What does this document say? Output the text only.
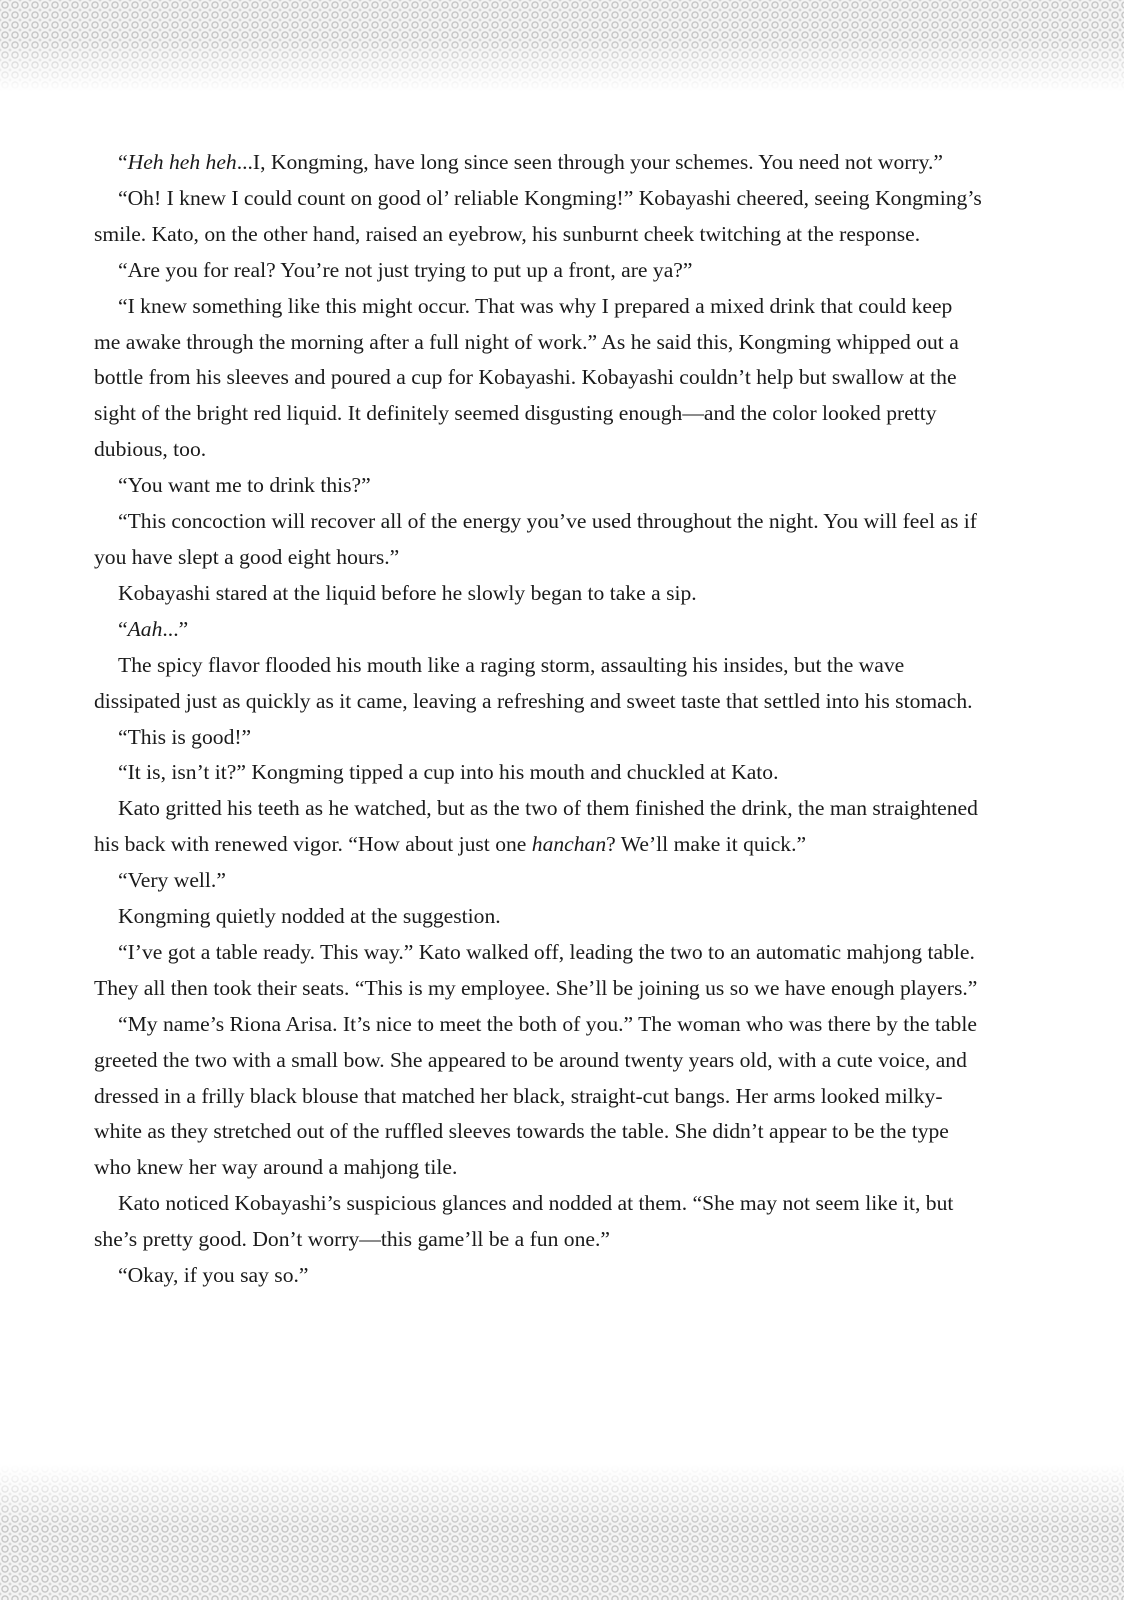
“Heh heh heh...I, Kongming, have long since seen through your schemes. You need not worry.”

“Oh! I knew I could count on good ol’ reliable Kongming!” Kobayashi cheered, seeing Kongming’s smile. Kato, on the other hand, raised an eyebrow, his sunburnt cheek twitching at the response.

“Are you for real? You’re not just trying to put up a front, are ya?”

“I knew something like this might occur. That was why I prepared a mixed drink that could keep me awake through the morning after a full night of work.” As he said this, Kongming whipped out a bottle from his sleeves and poured a cup for Kobayashi. Kobayashi couldn’t help but swallow at the sight of the bright red liquid. It definitely seemed disgusting enough—and the color looked pretty dubious, too.

“You want me to drink this?”

“This concoction will recover all of the energy you’ve used throughout the night. You will feel as if you have slept a good eight hours.”

Kobayashi stared at the liquid before he slowly began to take a sip.

“Aah...”

The spicy flavor flooded his mouth like a raging storm, assaulting his insides, but the wave dissipated just as quickly as it came, leaving a refreshing and sweet taste that settled into his stomach.

“This is good!”

“It is, isn’t it?” Kongming tipped a cup into his mouth and chuckled at Kato.

Kato gritted his teeth as he watched, but as the two of them finished the drink, the man straightened his back with renewed vigor. “How about just one hanchan? We’ll make it quick.”

“Very well.”

Kongming quietly nodded at the suggestion.

“I’ve got a table ready. This way.” Kato walked off, leading the two to an automatic mahjong table. They all then took their seats. “This is my employee. She’ll be joining us so we have enough players.”

“My name’s Riona Arisa. It’s nice to meet the both of you.” The woman who was there by the table greeted the two with a small bow. She appeared to be around twenty years old, with a cute voice, and dressed in a frilly black blouse that matched her black, straight-cut bangs. Her arms looked milky-white as they stretched out of the ruffled sleeves towards the table. She didn’t appear to be the type who knew her way around a mahjong tile.

Kato noticed Kobayashi’s suspicious glances and nodded at them. “She may not seem like it, but she’s pretty good. Don’t worry—this game’ll be a fun one.”

“Okay, if you say so.”
